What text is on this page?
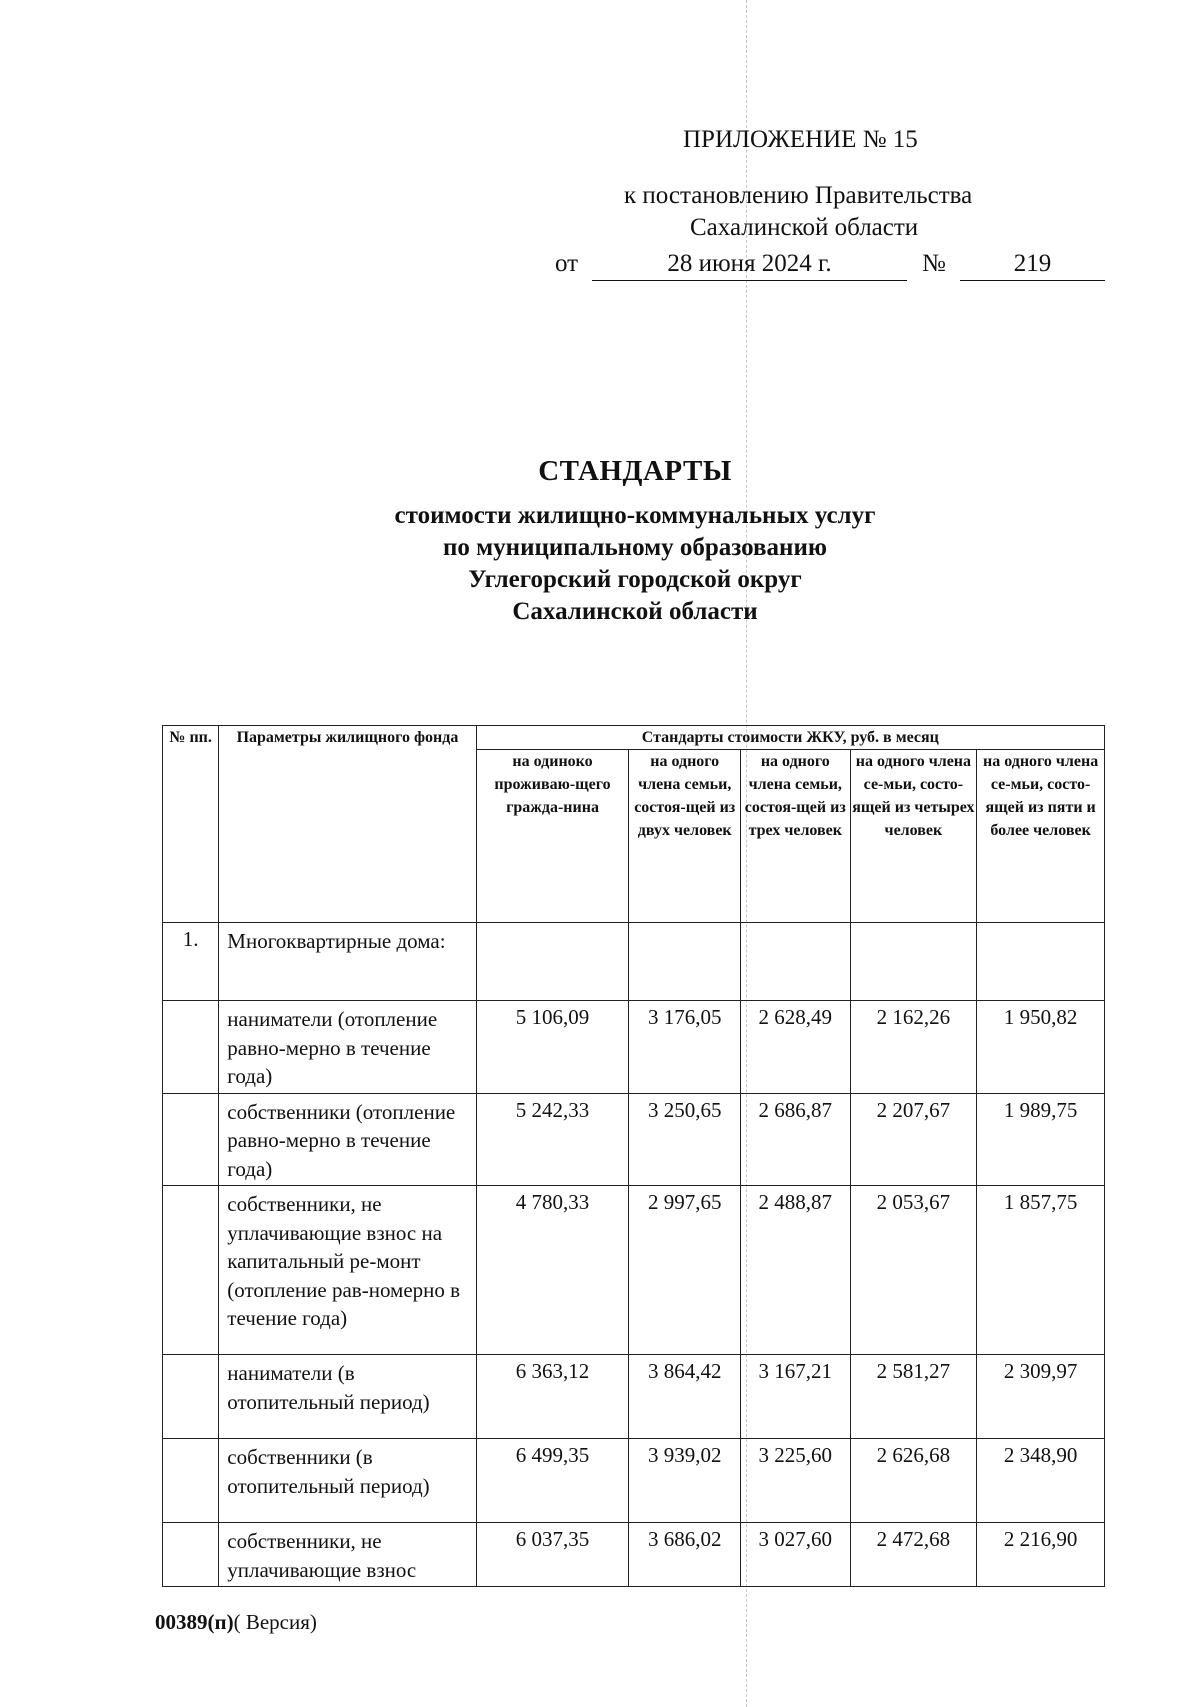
ПРИЛОЖЕНИЕ № 15
к постановлению Правительства
Сахалинской области
от	28 июня 2024 г.	№	219
СТАНДАРТЫ
стоимости жилищно-коммунальных услуг
по муниципальному образованию
Углегорский городской округ
Сахалинской области
№ пп.	Параметры жилищного фонда	Стандарты стоимости ЖКУ, руб. в месяц				
		на одиноко проживаю-щего гражда-нина	на одного члена семьи, состоя-щей из двух человек	на одного члена семьи, состоя-щей из трех человек	на одного члена се-мьи, состо-ящей из четырех человек	на одного члена се-мьи, состо-ящей из пяти и более человек
1.	Многоквартирные дома:					
	наниматели (отопление равно-мерно в течение года)	5 106,09	3 176,05	2 628,49	2 162,26	1 950,82
	собственники (отопление равно-мерно в течение года)	5 242,33	3 250,65	2 686,87	2 207,67	1 989,75
	собственники, не уплачивающие взнос на капитальный ре-монт (отопление рав-номерно в течение года)	4 780,33	2 997,65	2 488,87	2 053,67	1 857,75
	наниматели (в отопительный период)	6 363,12	3 864,42	3 167,21	2 581,27	2 309,97
	собственники (в отопительный период)	6 499,35	3 939,02	3 225,60	2 626,68	2 348,90
	собственники, не уплачивающие взнос	6 037,35	3 686,02	3 027,60	2 472,68	2 216,90
00389(п)( Версия)
